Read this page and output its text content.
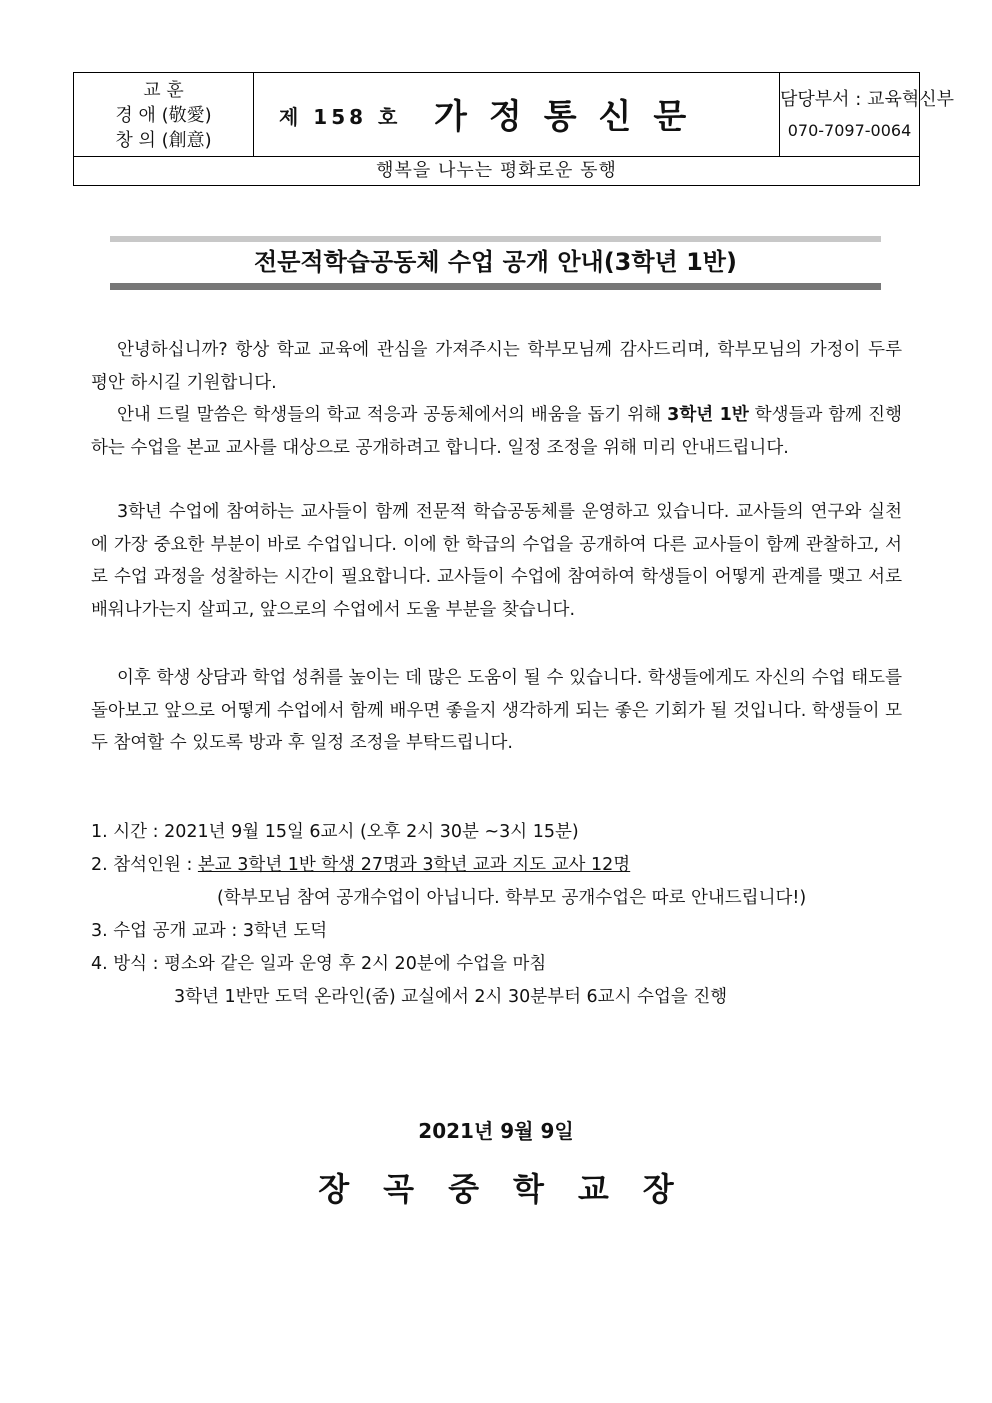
교 훈
경 애 (敬愛)
창 의 (創意)
제 158 호 가정통신문	담당부서 : 교육혁신부
070-7097-0064
행복을 나누는 평화로운 동행
전문적학습공동체 수업 공개 안내(3학년 1반)
안녕하십니까? 항상 학교 교육에 관심을 가져주시는 학부모님께 감사드리며, 학부모님의 가정이 두루 평안 하시길 기원합니다.
안내 드릴 말씀은 학생들의 학교 적응과 공동체에서의 배움을 돕기 위해 3학년 1반 학생들과 함께 진행하는 수업을 본교 교사를 대상으로 공개하려고 합니다. 일정 조정을 위해 미리 안내드립니다.
3학년 수업에 참여하는 교사들이 함께 전문적 학습공동체를 운영하고 있습니다. 교사들의 연구와 실천에 가장 중요한 부분이 바로 수업입니다. 이에 한 학급의 수업을 공개하여 다른 교사들이 함께 관찰하고, 서로 수업 과정을 성찰하는 시간이 필요합니다. 교사들이 수업에 참여하여 학생들이 어떻게 관계를 맺고 서로 배워나가는지 살피고, 앞으로의 수업에서 도울 부분을 찾습니다.
이후 학생 상담과 학업 성취를 높이는 데 많은 도움이 될 수 있습니다. 학생들에게도 자신의 수업 태도를 돌아보고 앞으로 어떻게 수업에서 함께 배우면 좋을지 생각하게 되는 좋은 기회가 될 것입니다. 학생들이 모두 참여할 수 있도록 방과 후 일정 조정을 부탁드립니다.
1. 시간 : 2021년 9월 15일 6교시 (오후 2시 30분 ~3시 15분)
2. 참석인원 : 본교 3학년 1반 학생 27명과 3학년 교과 지도 교사 12명
(학부모님 참여 공개수업이 아닙니다. 학부모 공개수업은 따로 안내드립니다!)
3. 수업 공개 교과 : 3학년 도덕
4. 방식 : 평소와 같은 일과 운영 후 2시 20분에 수업을 마침
3학년 1반만 도덕 온라인(줌) 교실에서 2시 30분부터 6교시 수업을 진행
2021년 9월 9일
장곡중학교장
